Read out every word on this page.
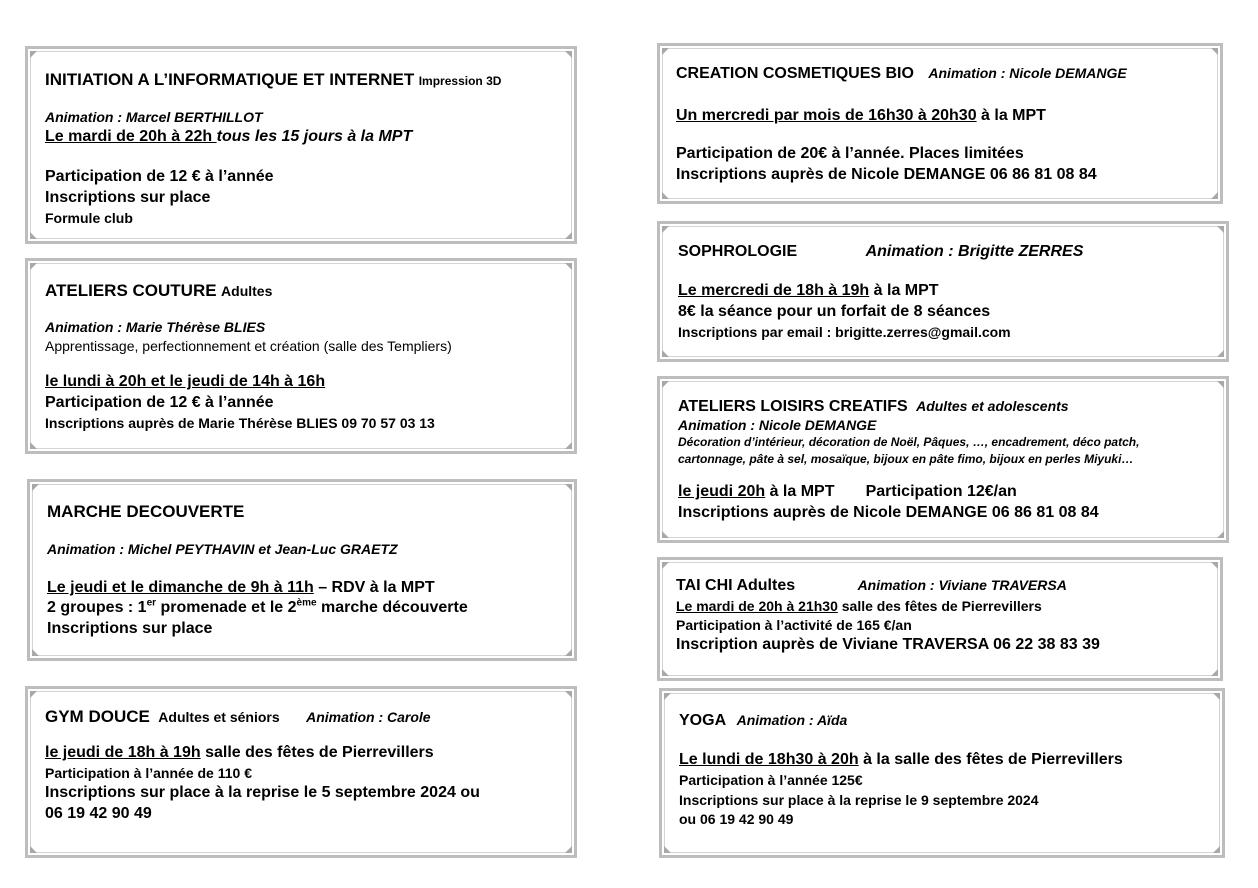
INITIATION A L’INFORMATIQUE ET INTERNET Impression 3D
Animation : Marcel BERTHILLOT
Le mardi de 20h à 22h tous les 15 jours à la MPT
Participation de 12 € à l’année
Inscriptions sur place
Formule club
ATELIERS COUTURE Adultes
Animation : Marie Thérèse BLIES
Apprentissage, perfectionnement et création (salle des Templiers)
le lundi à 20h et le jeudi de 14h à 16h
Participation de 12 € à l’année
Inscriptions auprès de Marie Thérèse BLIES 09 70 57 03 13
MARCHE DECOUVERTE
Animation : Michel PEYTHAVIN et Jean-Luc GRAETZ
Le jeudi et le dimanche de 9h à 11h – RDV à la MPT
2 groupes : 1er promenade et le 2ème marche découverte
Inscriptions sur place
GYM DOUCE Adultes et séniors Animation : Carole
le jeudi de 18h à 19h salle des fêtes de Pierrevillers
Participation à l’année de 110 €
Inscriptions sur place à la reprise le 5 septembre 2024 ou
06 19 42 90 49
CREATION COSMETIQUES BIO Animation : Nicole DEMANGE
Un mercredi par mois de 16h30 à 20h30 à la MPT
Participation de 20€ à l’année. Places limitées
Inscriptions auprès de Nicole DEMANGE 06 86 81 08 84
SOPHROLOGIE	Animation : Brigitte ZERRES
Le mercredi de 18h à 19h à la MPT
8€ la séance pour un forfait de 8 séances
Inscriptions par email : brigitte.zerres@gmail.com
ATELIERS LOISIRS CREATIFS Adultes et adolescents
Animation : Nicole DEMANGE
Décoration d’intérieur, décoration de Noël, Pâques, …, encadrement, déco patch,
cartonnage, pâte à sel, mosaïque, bijoux en pâte fimo, bijoux en perles Miyuki…
le jeudi 20h à la MPT       Participation 12€/an
Inscriptions auprès de Nicole DEMANGE 06 86 81 08 84
TAI CHI Adultes	Animation : Viviane TRAVERSA
Le mardi de 20h à 21h30 salle des fêtes de Pierrevillers
Participation à l’activité de 165 €/an
Inscription auprès de Viviane TRAVERSA 06 22 38 83 39
YOGA Animation : Aïda
Le lundi de 18h30 à 20h à la salle des fêtes de Pierrevillers
Participation à l’année 125€
Inscriptions sur place à la reprise le 9 septembre 2024
ou 06 19 42 90 49
